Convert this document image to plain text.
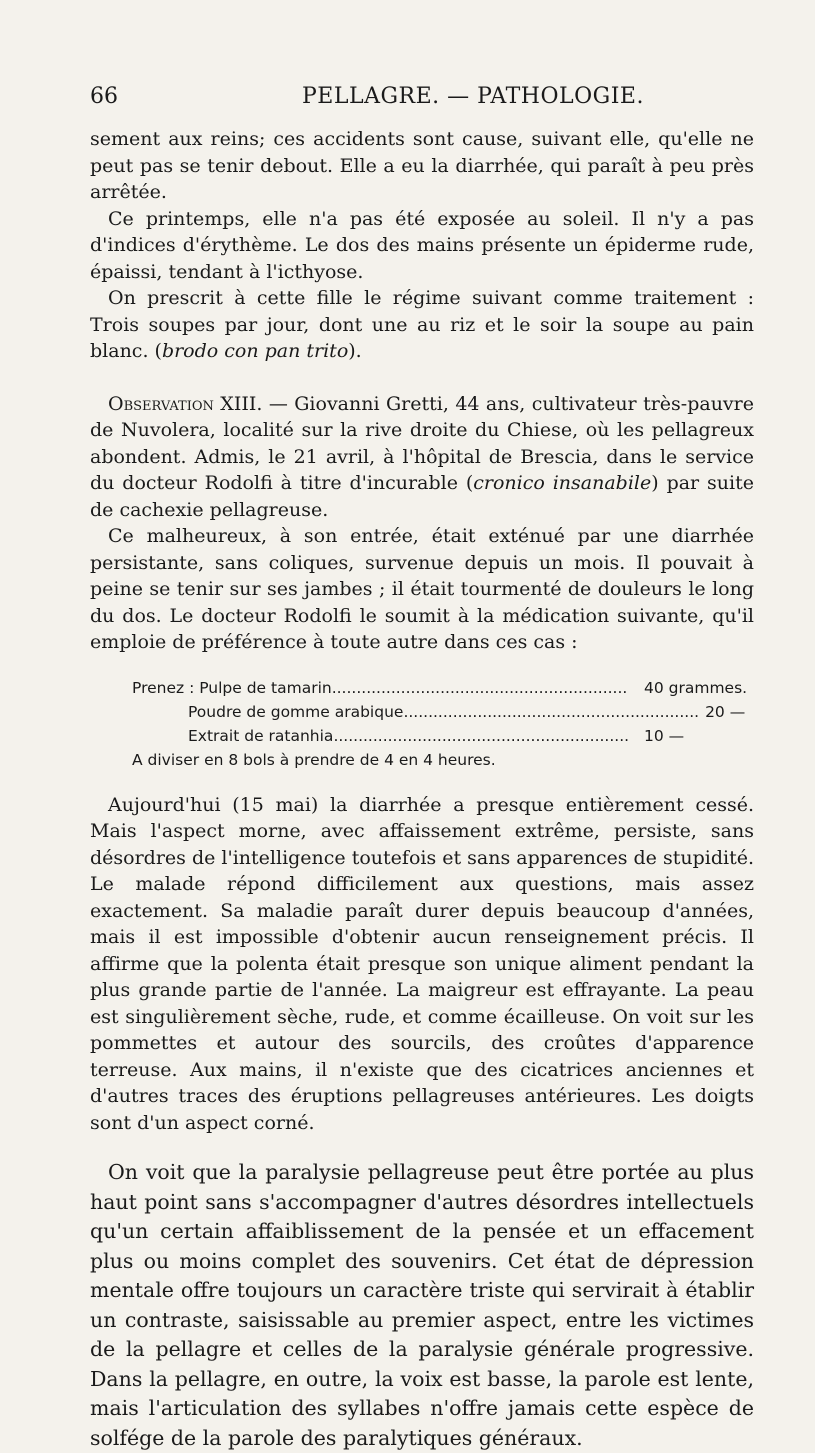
66	PELLAGRE. — PATHOLOGIE.

sement aux reins; ces accidents sont cause, suivant elle, qu'elle ne peut pas se tenir debout. Elle a eu la diarrhée, qui paraît à peu près arrêtée.

Ce printemps, elle n'a pas été exposée au soleil. Il n'y a pas d'indices d'érythème. Le dos des mains présente un épiderme rude, épaissi, tendant à l'icthyose.

On prescrit à cette fille le régime suivant comme traitement : Trois soupes par jour, dont une au riz et le soir la soupe au pain blanc. (brodo con pan trito).

Observation XIII. — Giovanni Gretti, 44 ans, cultivateur très-pauvre de Nuvolera, localité sur la rive droite du Chiese, où les pellagreux abondent. Admis, le 21 avril, à l'hôpital de Brescia, dans le service du docteur Rodolfi à titre d'incurable (cronico insanabile) par suite de cachexie pellagreuse.

Ce malheureux, à son entrée, était exténué par une diarrhée persistante, sans coliques, survenue depuis un mois. Il pouvait à peine se tenir sur ses jambes ; il était tourmenté de douleurs le long du dos. Le docteur Rodolfi le soumit à la médication suivante, qu'il emploie de préférence à toute autre dans ces cas :

Prenez : Pulpe de tamarin ............................................................	40 grammes.
Poudre de gomme arabique ............................................................ 20 —
Extrait de ratanhia ............................................................ 10 —
A diviser en 8 bols à prendre de 4 en 4 heures.

Aujourd'hui (15 mai) la diarrhée a presque entièrement cessé. Mais l'aspect morne, avec affaissement extrême, persiste, sans désordres de l'intelligence toutefois et sans apparences de stupidité. Le malade répond difficilement aux questions, mais assez exactement. Sa maladie paraît durer depuis beaucoup d'années, mais il est impossible d'obtenir aucun renseignement précis. Il affirme que la polenta était presque son unique aliment pendant la plus grande partie de l'année. La maigreur est effrayante. La peau est singulièrement sèche, rude, et comme écailleuse. On voit sur les pommettes et autour des sourcils, des croûtes d'apparence terreuse. Aux mains, il n'existe que des cicatrices anciennes et d'autres traces des éruptions pellagreuses antérieures. Les doigts sont d'un aspect corné.

On voit que la paralysie pellagreuse peut être portée au plus haut point sans s'accompagner d'autres désordres intellectuels qu'un certain affaiblissement de la pensée et un effacement plus ou moins complet des souvenirs. Cet état de dépression mentale offre toujours un caractère triste qui servirait à établir un contraste, saisissable au premier aspect, entre les victimes de la pellagre et celles de la paralysie générale progressive. Dans la pellagre, en outre, la voix est basse, la parole est lente, mais l'articulation des syllabes n'offre jamais cette espèce de solfége de la parole des paralytiques généraux.
